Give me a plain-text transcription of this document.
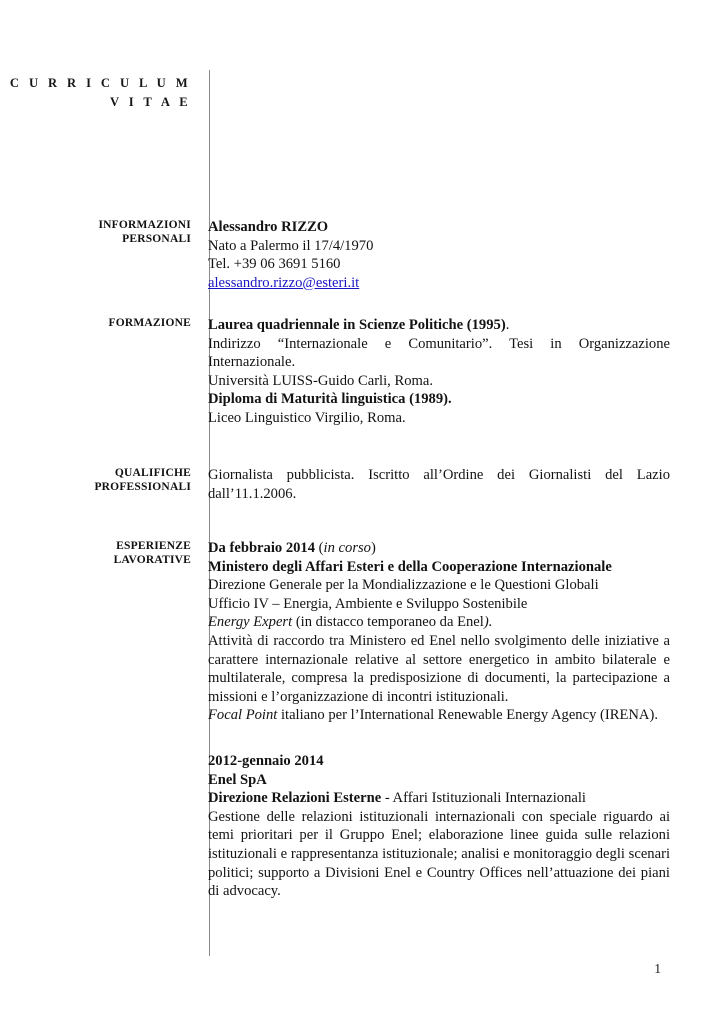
C U R R I C U L U M
V I T A E
INFORMAZIONI
PERSONALI
Alessandro RIZZO
Nato a Palermo il 17/4/1970
Tel. +39 06 3691 5160
alessandro.rizzo@esteri.it
FORMAZIONE Laurea quadriennale in Scienze Politiche (1995).

Indirizzo “Internazionale e Comunitario”. Tesi in Organizzazione Internazionale.

Università LUISS-Guido Carli, Roma.

Diploma di Maturità linguistica (1989).

Liceo Linguistico Virgilio, Roma.

QUALIFICHE
PROFESSIONALI

Giornalista pubblicista. Iscritto all’Ordine dei Giornalisti del Lazio dall’11.1.2006.

ESPERIENZE
LAVORATIVE

Da febbraio 2014 (in corso)

Ministero degli Affari Esteri e della Cooperazione Internazionale

Direzione Generale per la Mondializzazione e le Questioni Globali

Ufficio IV – Energia, Ambiente e Sviluppo Sostenibile

Energy Expert (in distacco temporaneo da Enel).

Attività di raccordo tra Ministero ed Enel nello svolgimento delle iniziative a carattere internazionale relative al settore energetico in ambito bilaterale e multilaterale, compresa la predisposizione di documenti, la partecipazione a missioni e l’organizzazione di incontri istituzionali.

Focal Point italiano per l’International Renewable Energy Agency (IRENA).

2012-gennaio 2014

Enel SpA

Direzione Relazioni Esterne - Affari Istituzionali Internazionali

Gestione delle relazioni istituzionali internazionali con speciale riguardo ai temi prioritari per il Gruppo Enel; elaborazione linee guida sulle relazioni istituzionali e rappresentanza istituzionale; analisi e monitoraggio degli scenari politici; supporto a Divisioni Enel e Country Offices nell’attuazione dei piani di advocacy.

1
